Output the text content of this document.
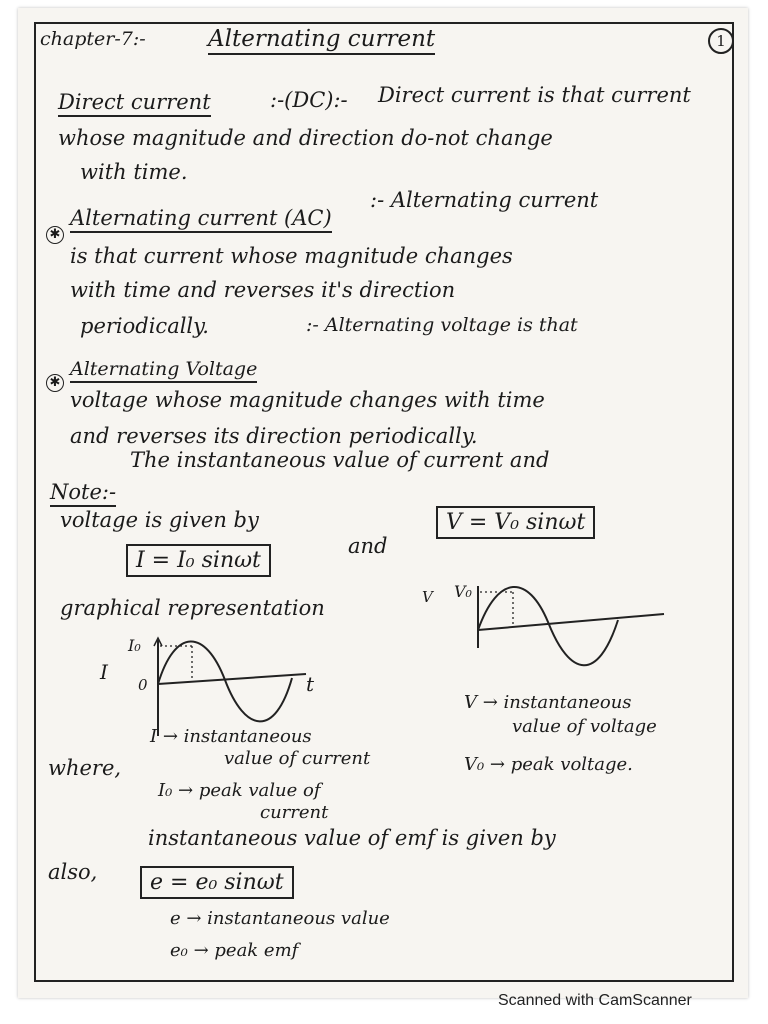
1
chapter-7:-	Alternating current
Direct current	:-(DC):- Direct current is that current
whose magnitude and direction do-not change
with time.
✱
Alternating current (AC)
:- Alternating current
is that current whose magnitude changes
with time and reverses it's direction
periodically.
✱
Alternating Voltage
:- Alternating voltage is that
voltage whose magnitude changes with time
and reverses its direction periodically.
Note:-
The instantaneous value of current and
voltage is given by
I = I₀ sinωt
and
V = V₀ sinωt
graphical representation
I
I₀
0	t
V V₀
where,
I → instantaneous
value of current
I₀ → peak value of
current
V → instantaneous
value of voltage
V₀ → peak voltage.
also,
instantaneous value of emf is given by
e = e₀ sinωt
e → instantaneous value
e₀ → peak emf
Scanned with CamScanner
